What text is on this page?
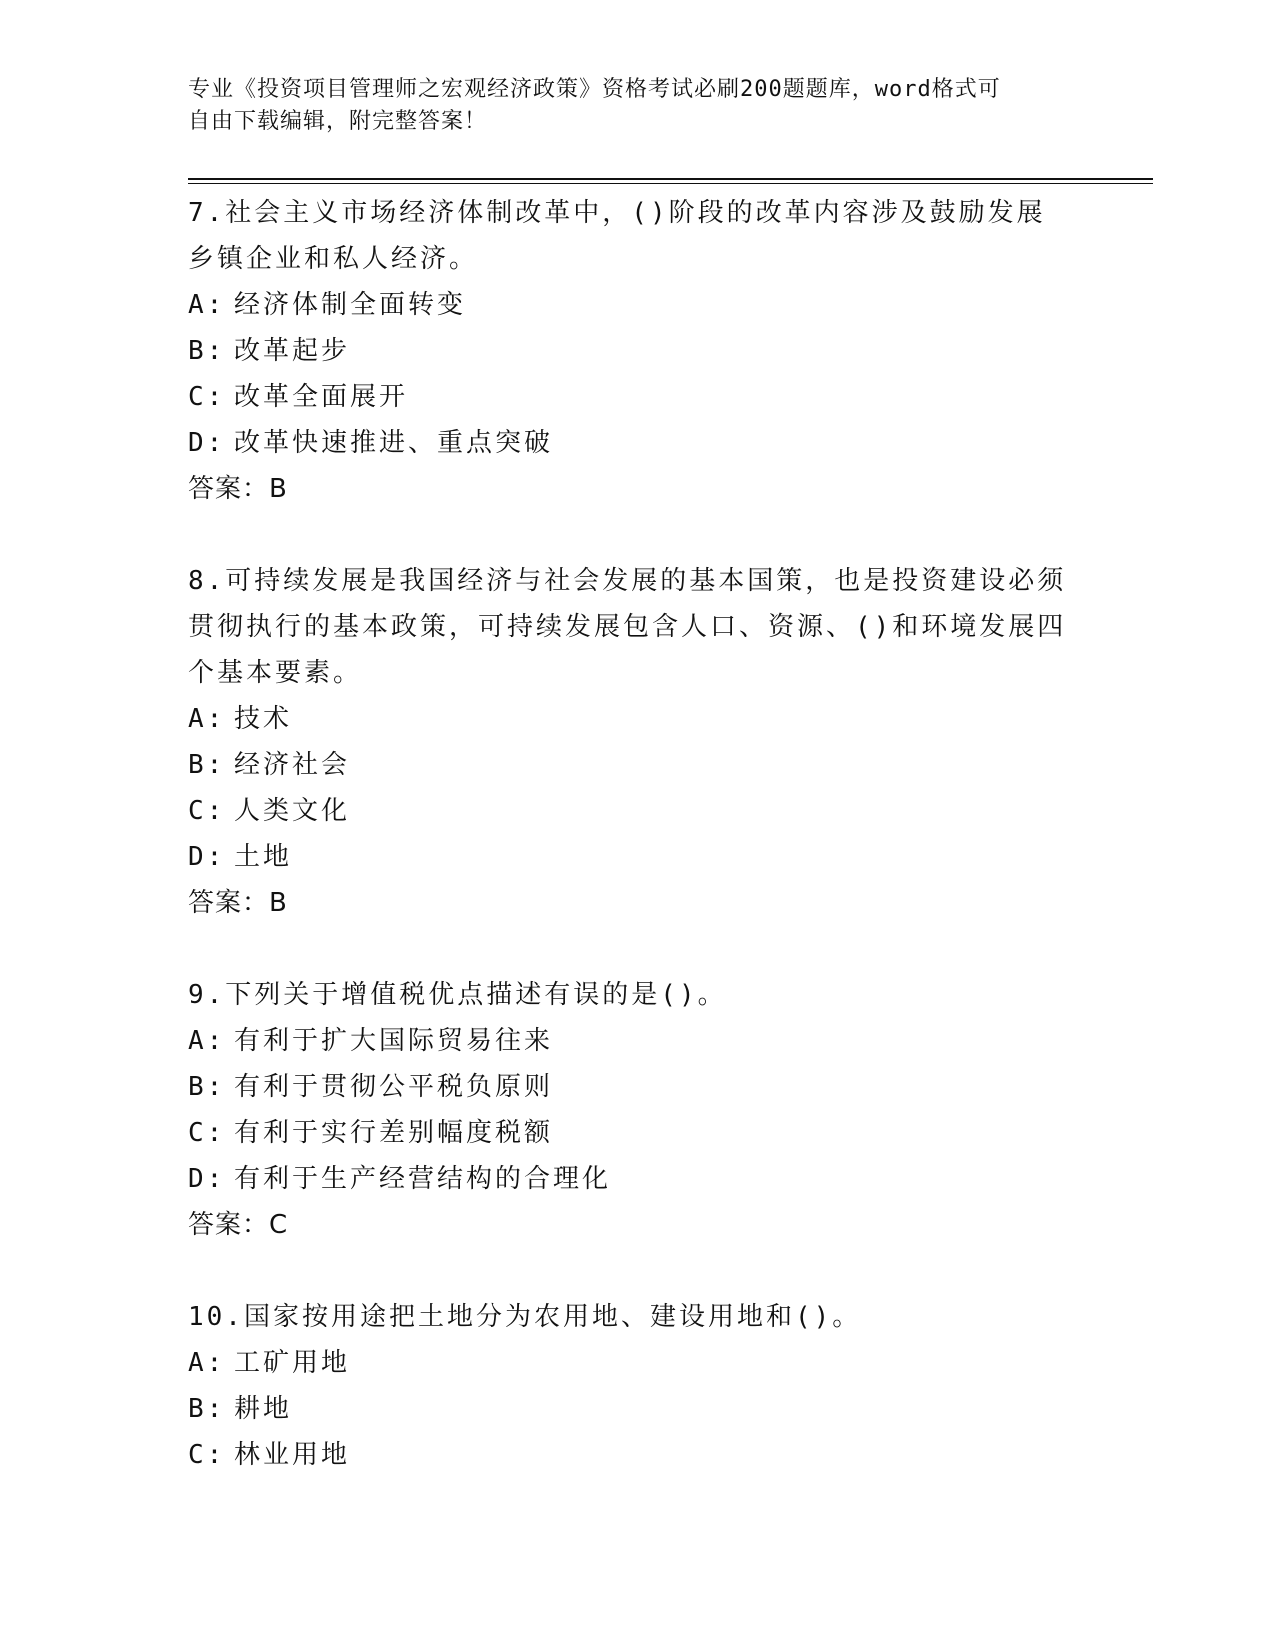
专业《投资项目管理师之宏观经济政策》资格考试必刷200题题库，word格式可
自由下载编辑，附完整答案！
7.社会主义市场经济体制改革中，()阶段的改革内容涉及鼓励发展乡镇企业和私人经济。
A: 经济体制全面转变
B: 改革起步
C: 改革全面展开
D: 改革快速推进、重点突破
答案：B
8.可持续发展是我国经济与社会发展的基本国策，也是投资建设必须贯彻执行的基本政策，可持续发展包含人口、资源、()和环境发展四个基本要素。
A: 技术
B: 经济社会
C: 人类文化
D: 土地
答案：B
9.下列关于增值税优点描述有误的是()。
A: 有利于扩大国际贸易往来
B: 有利于贯彻公平税负原则
C: 有利于实行差别幅度税额
D: 有利于生产经营结构的合理化
答案：C
10.国家按用途把土地分为农用地、建设用地和()。
A: 工矿用地
B: 耕地
C: 林业用地
